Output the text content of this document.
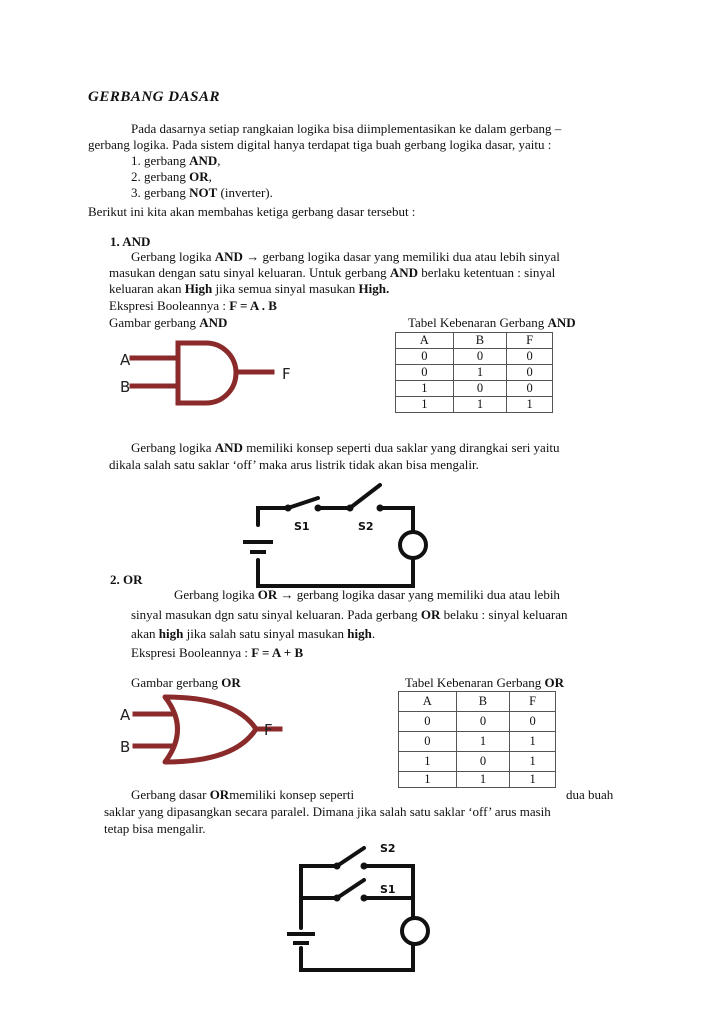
GERBANG DASAR
Pada dasarnya setiap rangkaian logika bisa diimplementasikan ke dalam gerbang –
gerbang logika. Pada sistem digital hanya terdapat tiga buah gerbang logika dasar, yaitu :
1. gerbang AND,
2. gerbang OR,
3. gerbang NOT (inverter).
Berikut ini kita akan membahas ketiga gerbang dasar tersebut :
1. AND
Gerbang logika AND → gerbang logika dasar yang memiliki dua atau lebih sinyal
masukan dengan satu sinyal keluaran. Untuk gerbang AND berlaku ketentuan : sinyal
keluaran akan High jika semua sinyal masukan High.
Ekspresi Booleannya : F = A . B
Gambar gerbang AND	Tabel Kebenaran Gerbang AND
A
B
F
A	B	F
0	0	0
0	1	0
1	0	0
1	1	1
Gerbang logika AND memiliki konsep seperti dua saklar yang dirangkai seri yaitu
dikala salah satu saklar ‘off’ maka arus listrik tidak akan bisa mengalir.
S1	S2
2. OR
Gerbang logika OR → gerbang logika dasar yang memiliki dua atau lebih
sinyal masukan dgn satu sinyal keluaran. Pada gerbang OR belaku : sinyal keluaran
akan high jika salah satu sinyal masukan high.
Ekspresi Booleannya : F = A + B
Gambar gerbang OR	Tabel Kebenaran Gerbang OR
A
B
F
A	B	F
0	0	0
0	1	1
1	0	1
1	1	1
Gerbang dasar ORmemiliki konsep seperti	dua buah
saklar yang dipasangkan secara paralel. Dimana jika salah satu saklar ‘off’ arus masih
tetap bisa mengalir.
S2
S1
